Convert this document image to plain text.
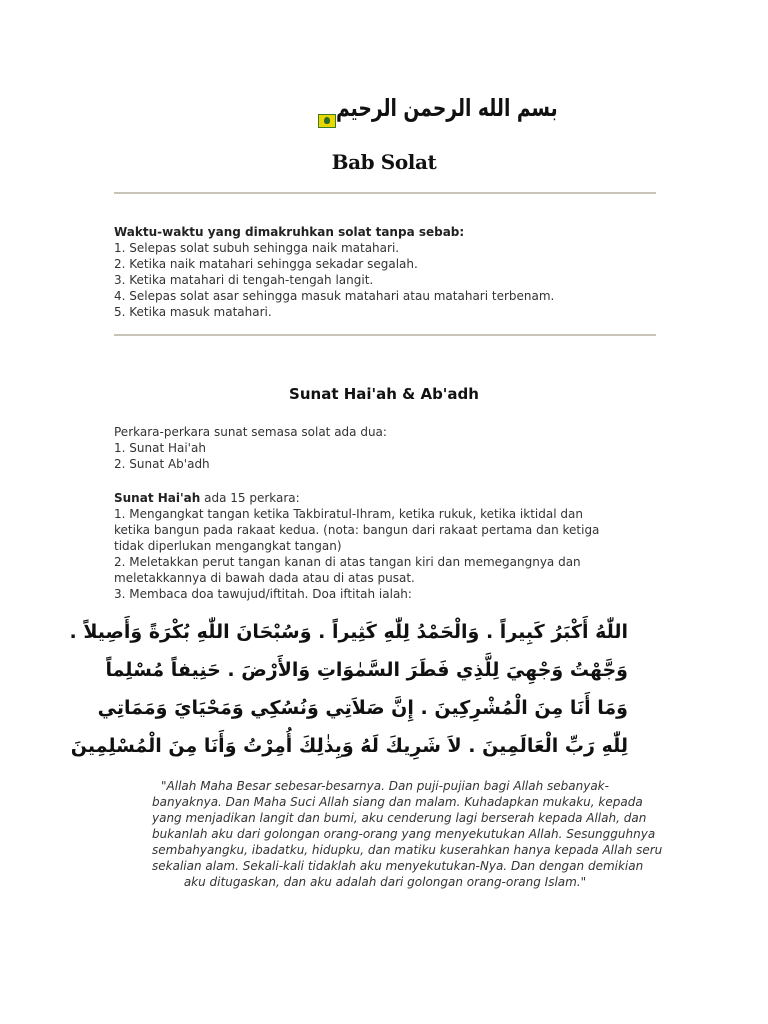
بسم الله الرحمن الرحيم
Bab Solat
Waktu-waktu yang dimakruhkan solat tanpa sebab:
1. Selepas solat subuh sehingga naik matahari.
2. Ketika naik matahari sehingga sekadar segalah.
3. Ketika matahari di tengah-tengah langit.
4. Selepas solat asar sehingga masuk matahari atau matahari terbenam.
5. Ketika masuk matahari.
Sunat Hai'ah & Ab'adh
Perkara-perkara sunat semasa solat ada dua:
1. Sunat Hai'ah
2. Sunat Ab'adh
Sunat Hai'ah ada 15 perkara:
1. Mengangkat tangan ketika Takbiratul-Ihram, ketika rukuk, ketika iktidal dan
ketika bangun pada rakaat kedua. (nota: bangun dari rakaat pertama dan ketiga
tidak diperlukan mengangkat tangan)
2. Meletakkan perut tangan kanan di atas tangan kiri dan memegangnya dan
meletakkannya di bawah dada atau di atas pusat.
3. Membaca doa tawujud/iftitah. Doa iftitah ialah:
اللّٰهُ أَكْبَرُ كَبِيراً . وَالْحَمْدُ لِلّٰهِ كَثِيراً . وَسُبْحَانَ اللّٰهِ بُكْرَةً وَأَصِيلاً .
وَجَّهْتُ وَجْهِيَ لِلَّذِي فَطَرَ السَّمٰوَاتِ وَالأَرْضَ . حَنِيفاً مُسْلِماً
وَمَا أَنَا مِنَ الْمُشْرِكِينَ . إِنَّ صَلاَتِي وَنُسُكِي وَمَحْيَايَ وَمَمَاتِي
لِلّٰهِ رَبِّ الْعَالَمِينَ . لاَ شَرِيكَ لَهُ وَبِذٰلِكَ أُمِرْتُ وَأَنَا مِنَ الْمُسْلِمِينَ
"Allah Maha Besar sebesar-besarnya. Dan puji-pujian bagi Allah sebanyak-
banyaknya. Dan Maha Suci Allah siang dan malam. Kuhadapkan mukaku, kepada
yang menjadikan langit dan bumi, aku cenderung lagi berserah kepada Allah, dan
bukanlah aku dari golongan orang-orang yang menyekutukan Allah. Sesungguhnya
sembahyangku, ibadatku, hidupku, dan matiku kuserahkan hanya kepada Allah seru
sekalian alam. Sekali-kali tidaklah aku menyekutukan-Nya. Dan dengan demikian
aku ditugaskan, dan aku adalah dari golongan orang-orang Islam."
